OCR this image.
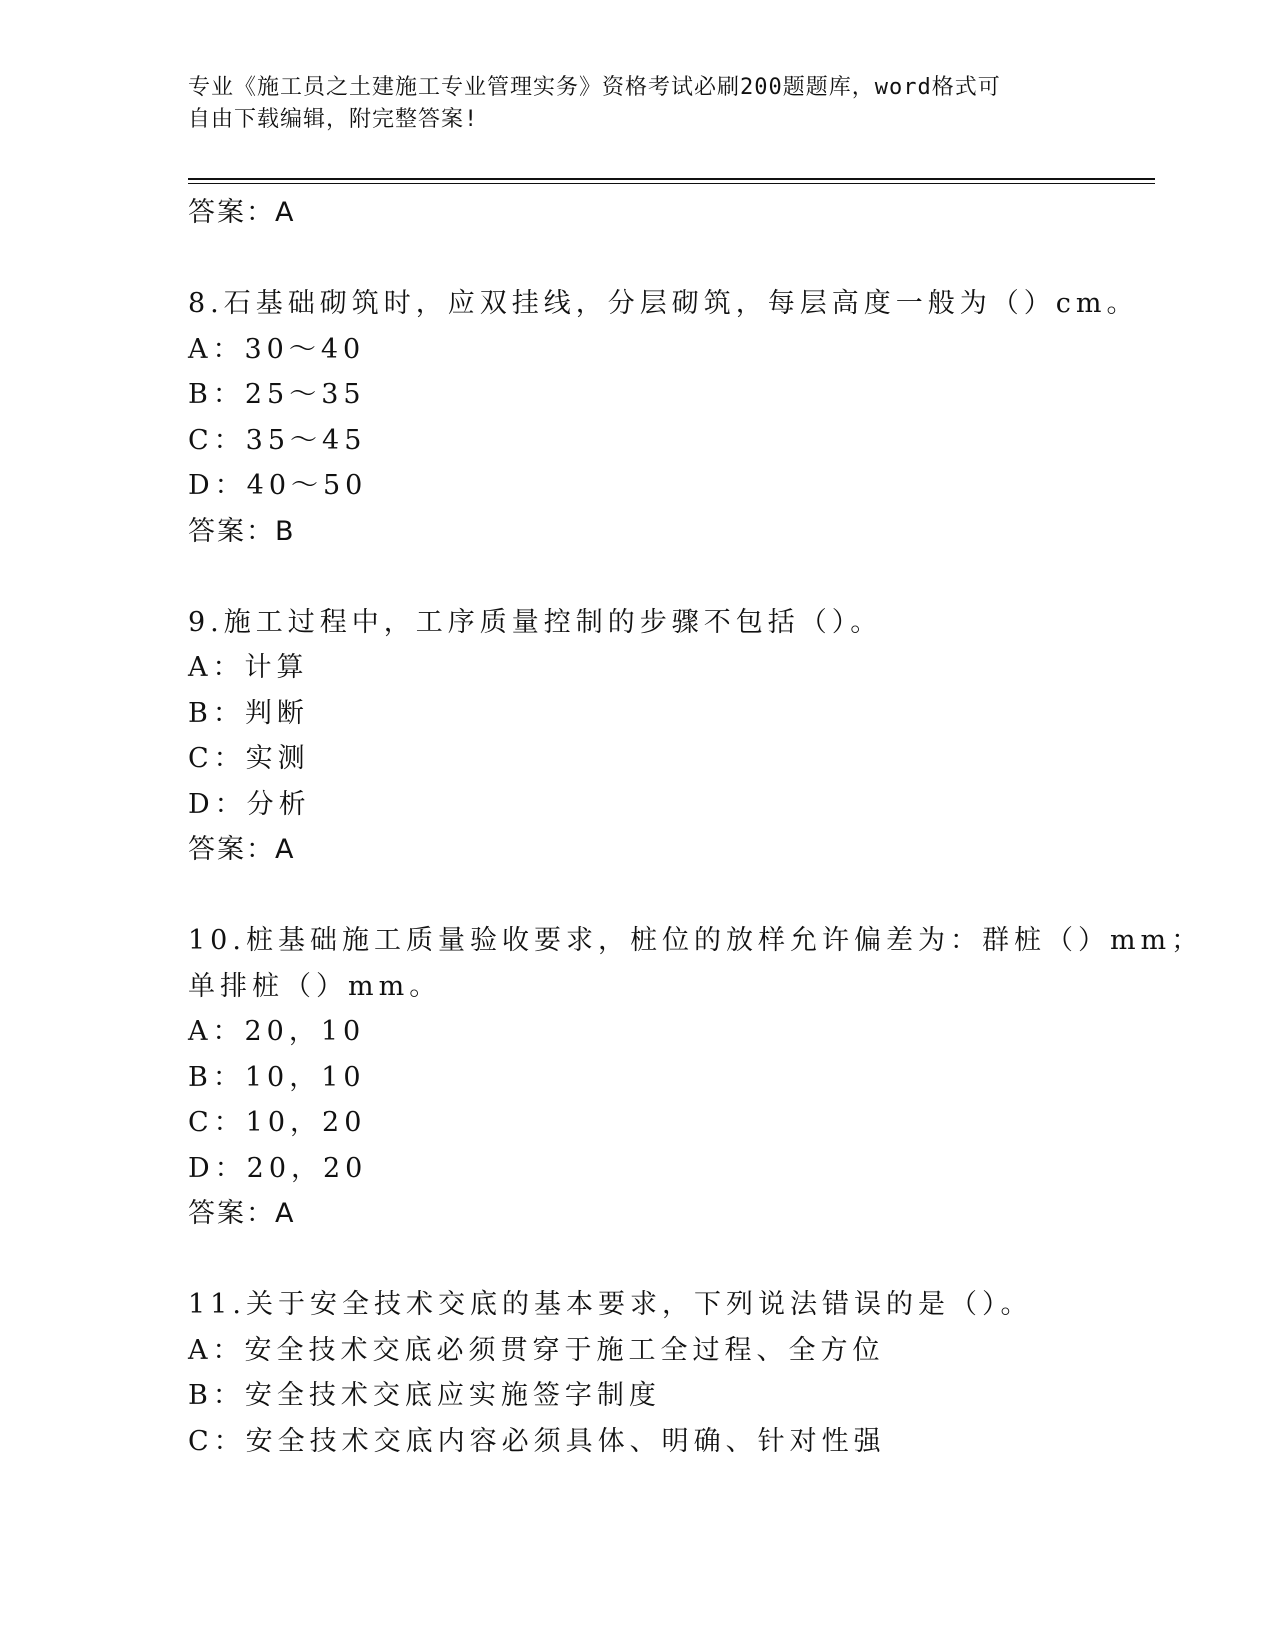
专业《施工员之土建施工专业管理实务》资格考试必刷200题题库，word格式可
自由下载编辑，附完整答案!
答案：A
8.石基础砌筑时，应双挂线，分层砌筑，每层高度一般为（）cm。
A：30～40
B：25～35
C：35～45
D：40～50
答案：B
9.施工过程中，工序质量控制的步骤不包括（）。
A：计算
B：判断
C：实测
D：分析
答案：A
10.桩基础施工质量验收要求，桩位的放样允许偏差为：群桩（）mm；
单排桩（）mm。
A：20，10
B：10，10
C：10，20
D：20，20
答案：A
11.关于安全技术交底的基本要求，下列说法错误的是（）。
A：安全技术交底必须贯穿于施工全过程、全方位
B：安全技术交底应实施签字制度
C：安全技术交底内容必须具体、明确、针对性强
